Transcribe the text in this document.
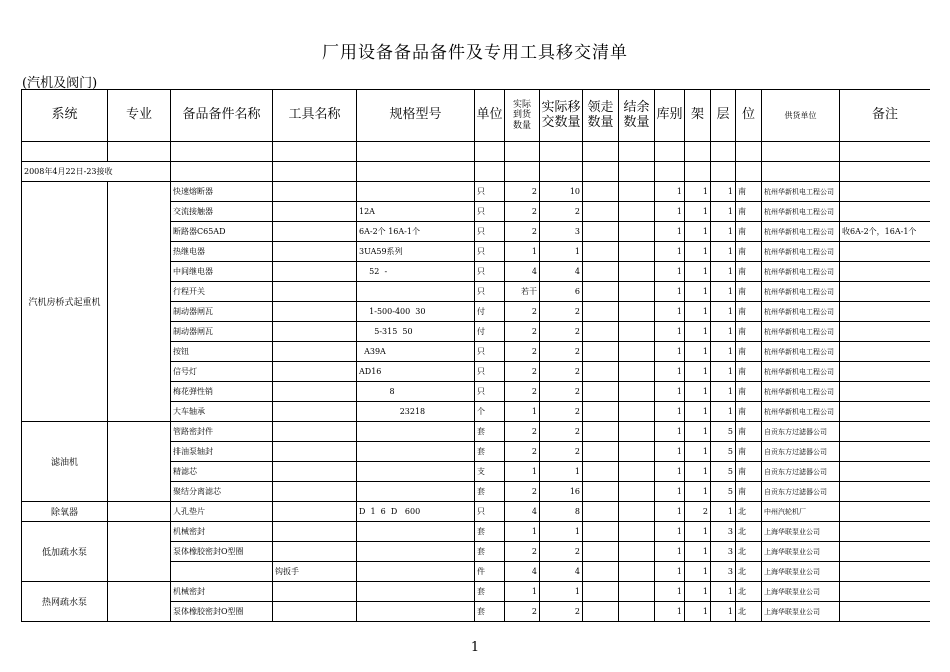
厂用设备备品备件及专用工具移交清单
(汽机及阀门)
系统	专业	备品备件名称	工具名称	规格型号	单位	实际到货数量	实际移交数量	领走数量	结余数量	库别	架	层	位	供货单位	备注

2008年4月22日-23接收															
汽机房桥式起重机		快速熔断器			只	2	10			1	1	1	南	杭州华新机电工程公司	
		交流接触器		12A	只	2	2			1	1	1	南	杭州华新机电工程公司	
		断路器C65AD		6A-2个 16A-1个	只	2	3			1	1	1	南	杭州华新机电工程公司	收6A-2个，16A-1个
		热继电器		3UA59系列	只	1	1			1	1	1	南	杭州华新机电工程公司	
		中间继电器		52  -	只	4	4			1	1	1	南	杭州华新机电工程公司	
		行程开关			只	若干	6			1	1	1	南	杭州华新机电工程公司	
		制动器闸瓦		1-500-400  30	付	2	2			1	1	1	南	杭州华新机电工程公司	
		制动器闸瓦		5-315  50	付	2	2			1	1	1	南	杭州华新机电工程公司	
		按钮		A39A	只	2	2			1	1	1	南	杭州华新机电工程公司	
		信号灯		AD16	只	2	2			1	1	1	南	杭州华新机电工程公司	
		梅花弹性销		8	只	2	2			1	1	1	南	杭州华新机电工程公司	
		大车轴承		23218	个	1	2			1	1	1	南	杭州华新机电工程公司	
滤油机		管路密封件			套	2	2			1	1	5	南	自贡东方过滤器公司	
		排油泵轴封			套	2	2			1	1	5	南	自贡东方过滤器公司	
		精滤芯			支	1	1			1	1	5	南	自贡东方过滤器公司	
		聚结分离滤芯			套	2	16			1	1	5	南	自贡东方过滤器公司	
除氧器		人孔垫片		D  1  6  D   600	只	4	8			1	2	1	北	中州汽轮机厂	
低加疏水泵		机械密封			套	1	1			1	1	3	北	上海华联泵业公司	
		泵体橡胶密封O型圈			套	2	2			1	1	3	北	上海华联泵业公司	
			钩扳手		件	4	4			1	1	3	北	上海华联泵业公司	
热网疏水泵		机械密封			套	1	1			1	1	1	北	上海华联泵业公司	
		泵体橡胶密封O型圈			套	2	2			1	1	1	北	上海华联泵业公司	
1
